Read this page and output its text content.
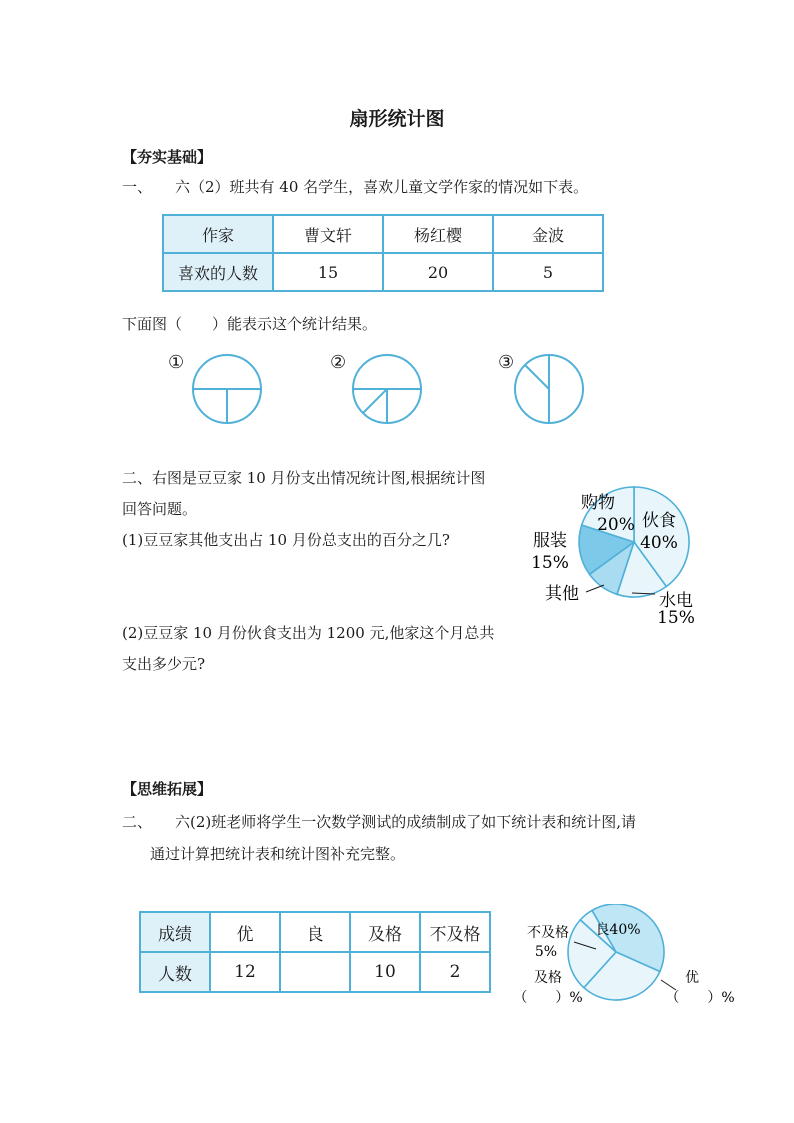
扇形统计图
【夯实基础】
一、 六（2）班共有 40 名学生，喜欢儿童文学作家的情况如下表。
作家	曹文轩	杨红樱	金波
喜欢的人数	15	20	5
下面图（　　）能表示这个统计结果。
①	②	③
二、右图是豆豆家 10 月份支出情况统计图,根据统计图
回答问题。
(1)豆豆家其他支出占 10 月份总支出的百分之几?
(2)豆豆家 10 月份伙食支出为 1200 元,他家这个月总共
支出多少元?
购物
20% 伙食
40%
服装
15%
其他	水电
15%
【思维拓展】
二、 六(2)班老师将学生一次数学测试的成绩制成了如下统计表和统计图,请
通过计算把统计表和统计图补充完整。
成绩	优	良	及格	不及格
人数	12		10	2
不及格
5%
良40%
及格
（　　）%
优
（　　）%
